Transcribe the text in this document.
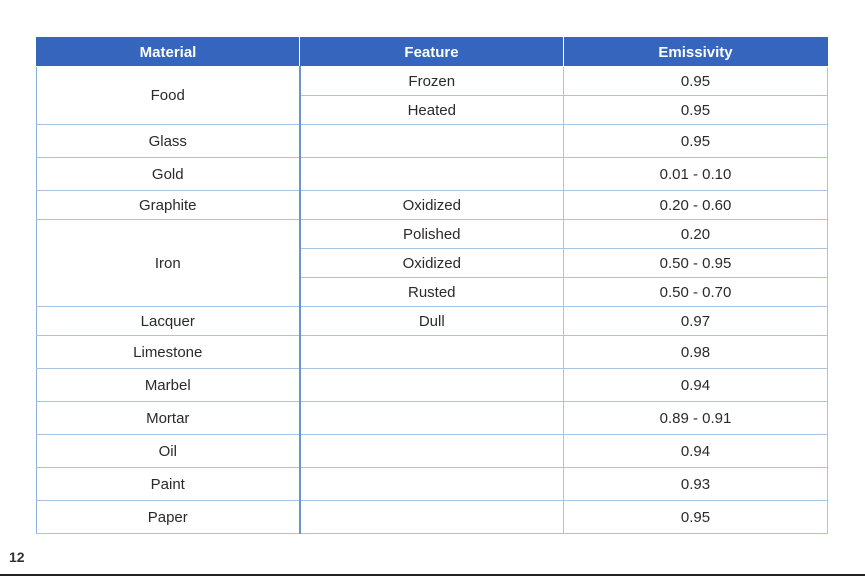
Material	Feature	Emissivity
Food	Frozen	0.95
	Heated	0.95
Glass		0.95
Gold		0.01 - 0.10
Graphite	Oxidized	0.20 - 0.60
Iron	Polished	0.20
	Oxidized	0.50 - 0.95
	Rusted	0.50 - 0.70
Lacquer	Dull	0.97
Limestone		0.98
Marbel		0.94
Mortar		0.89 - 0.91
Oil		0.94
Paint		0.93
Paper		0.95
12
